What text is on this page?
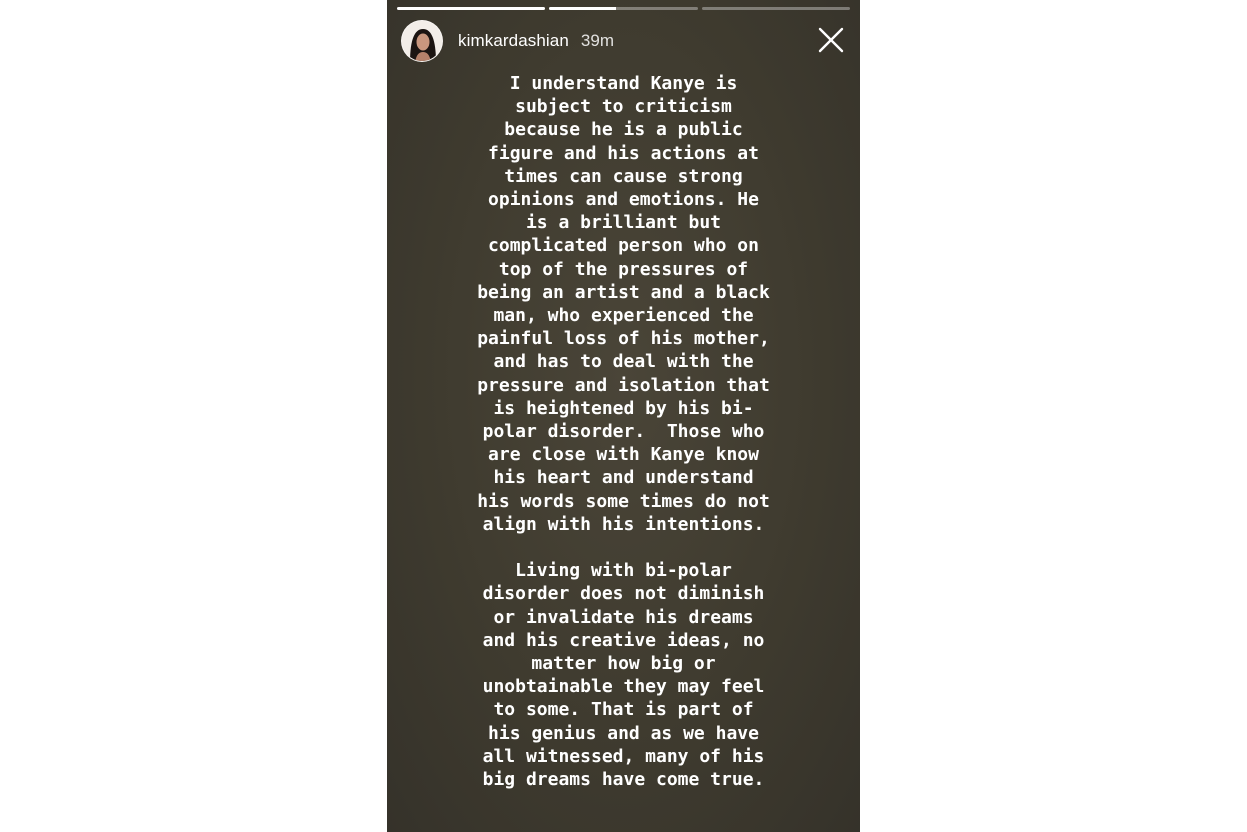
kimkardashian 39m

I understand Kanye is
subject to criticism
because he is a public
figure and his actions at
times can cause strong
opinions and emotions. He
is a brilliant but
complicated person who on
top of the pressures of
being an artist and a black
man, who experienced the
painful loss of his mother,
and has to deal with the
pressure and isolation that
is heightened by his bi-
polar disorder.  Those who
are close with Kanye know
his heart and understand
his words some times do not
align with his intentions.

Living with bi-polar
disorder does not diminish
or invalidate his dreams
and his creative ideas, no
matter how big or
unobtainable they may feel
to some. That is part of
his genius and as we have
all witnessed, many of his
big dreams have come true.
